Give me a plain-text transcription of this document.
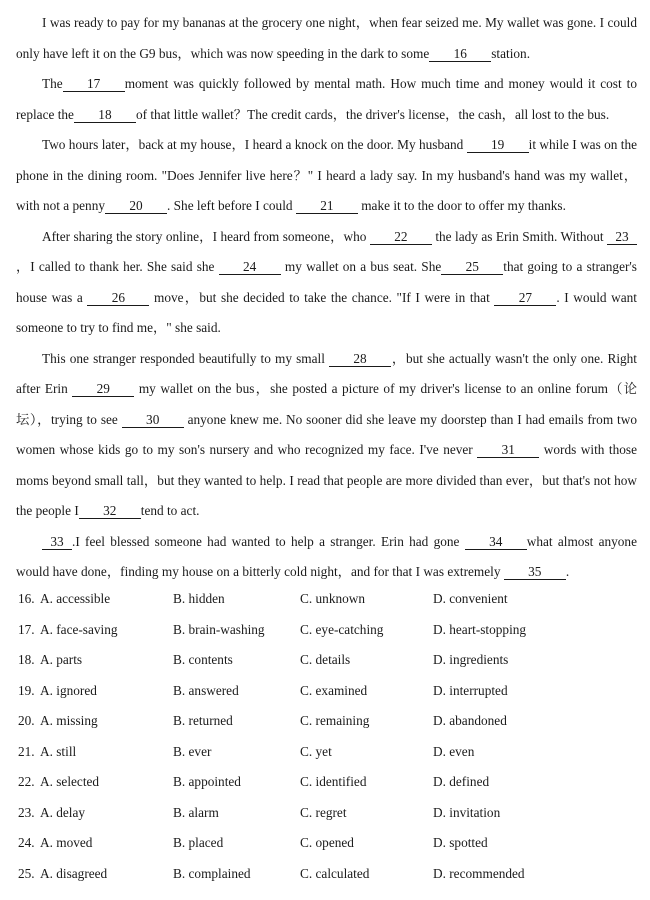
I was ready to pay for my bananas at the grocery one night，when fear seized me. My wallet was gone. I could only have left it on the G9 bus，which was now speeding in the dark to some 16 station.

The 17 moment was quickly followed by mental math. How much time and money would it cost to replace the 18 of that little wallet？The credit cards，the driver's license，the cash，all lost to the bus.

Two hours later，back at my house，I heard a knock on the door. My husband 19 it while I was on the phone in the dining room. "Does Jennifer live here？" I heard a lady say. In my husband's hand was my wallet，with not a penny 20 . She left before I could 21 make it to the door to offer my thanks.

After sharing the story online，I heard from someone，who 22 the lady as Erin Smith. Without 23，I called to thank her. She said she 24 my wallet on a bus seat. She 25 that going to a stranger's house was a 26 move，but she decided to take the chance. "If I were in that 27 . I would want someone to try to find me，" she said.

This one stranger responded beautifully to my small 28 ，but she actually wasn't the only one. Right after Erin 29 my wallet on the bus，she posted a picture of my driver's license to an online forum（论坛），trying to see 30 anyone knew me. No sooner did she leave my doorstep than I had emails from two women whose kids go to my son's nursery and who recognized my face. I've never 31 words with those moms beyond small tall，but they wanted to help. I read that people are more divided than ever，but that's not how the people I 32 tend to act.

33 .I feel blessed someone had wanted to help a stranger. Erin had gone 34 what almost anyone would have done，finding my house on a bitterly cold night，and for that I was extremely 35 .

16. A. accessible	B. hidden	C. unknown	D. convenient
17. A. face-saving	B. brain-washing	C. eye-catching	D. heart-stopping
18. A. parts	B. contents	C. details	D. ingredients
19. A. ignored	B. answered	C. examined	D. interrupted
20. A. missing	B. returned	C. remaining	D. abandoned
21. A. still	B. ever	C. yet	D. even
22. A. selected	B. appointed	C. identified	D. defined
23. A. delay	B. alarm	C. regret	D. invitation
24. A. moved	B. placed	C. opened	D. spotted
25. A. disagreed	B. complained	C. calculated	D. recommended
